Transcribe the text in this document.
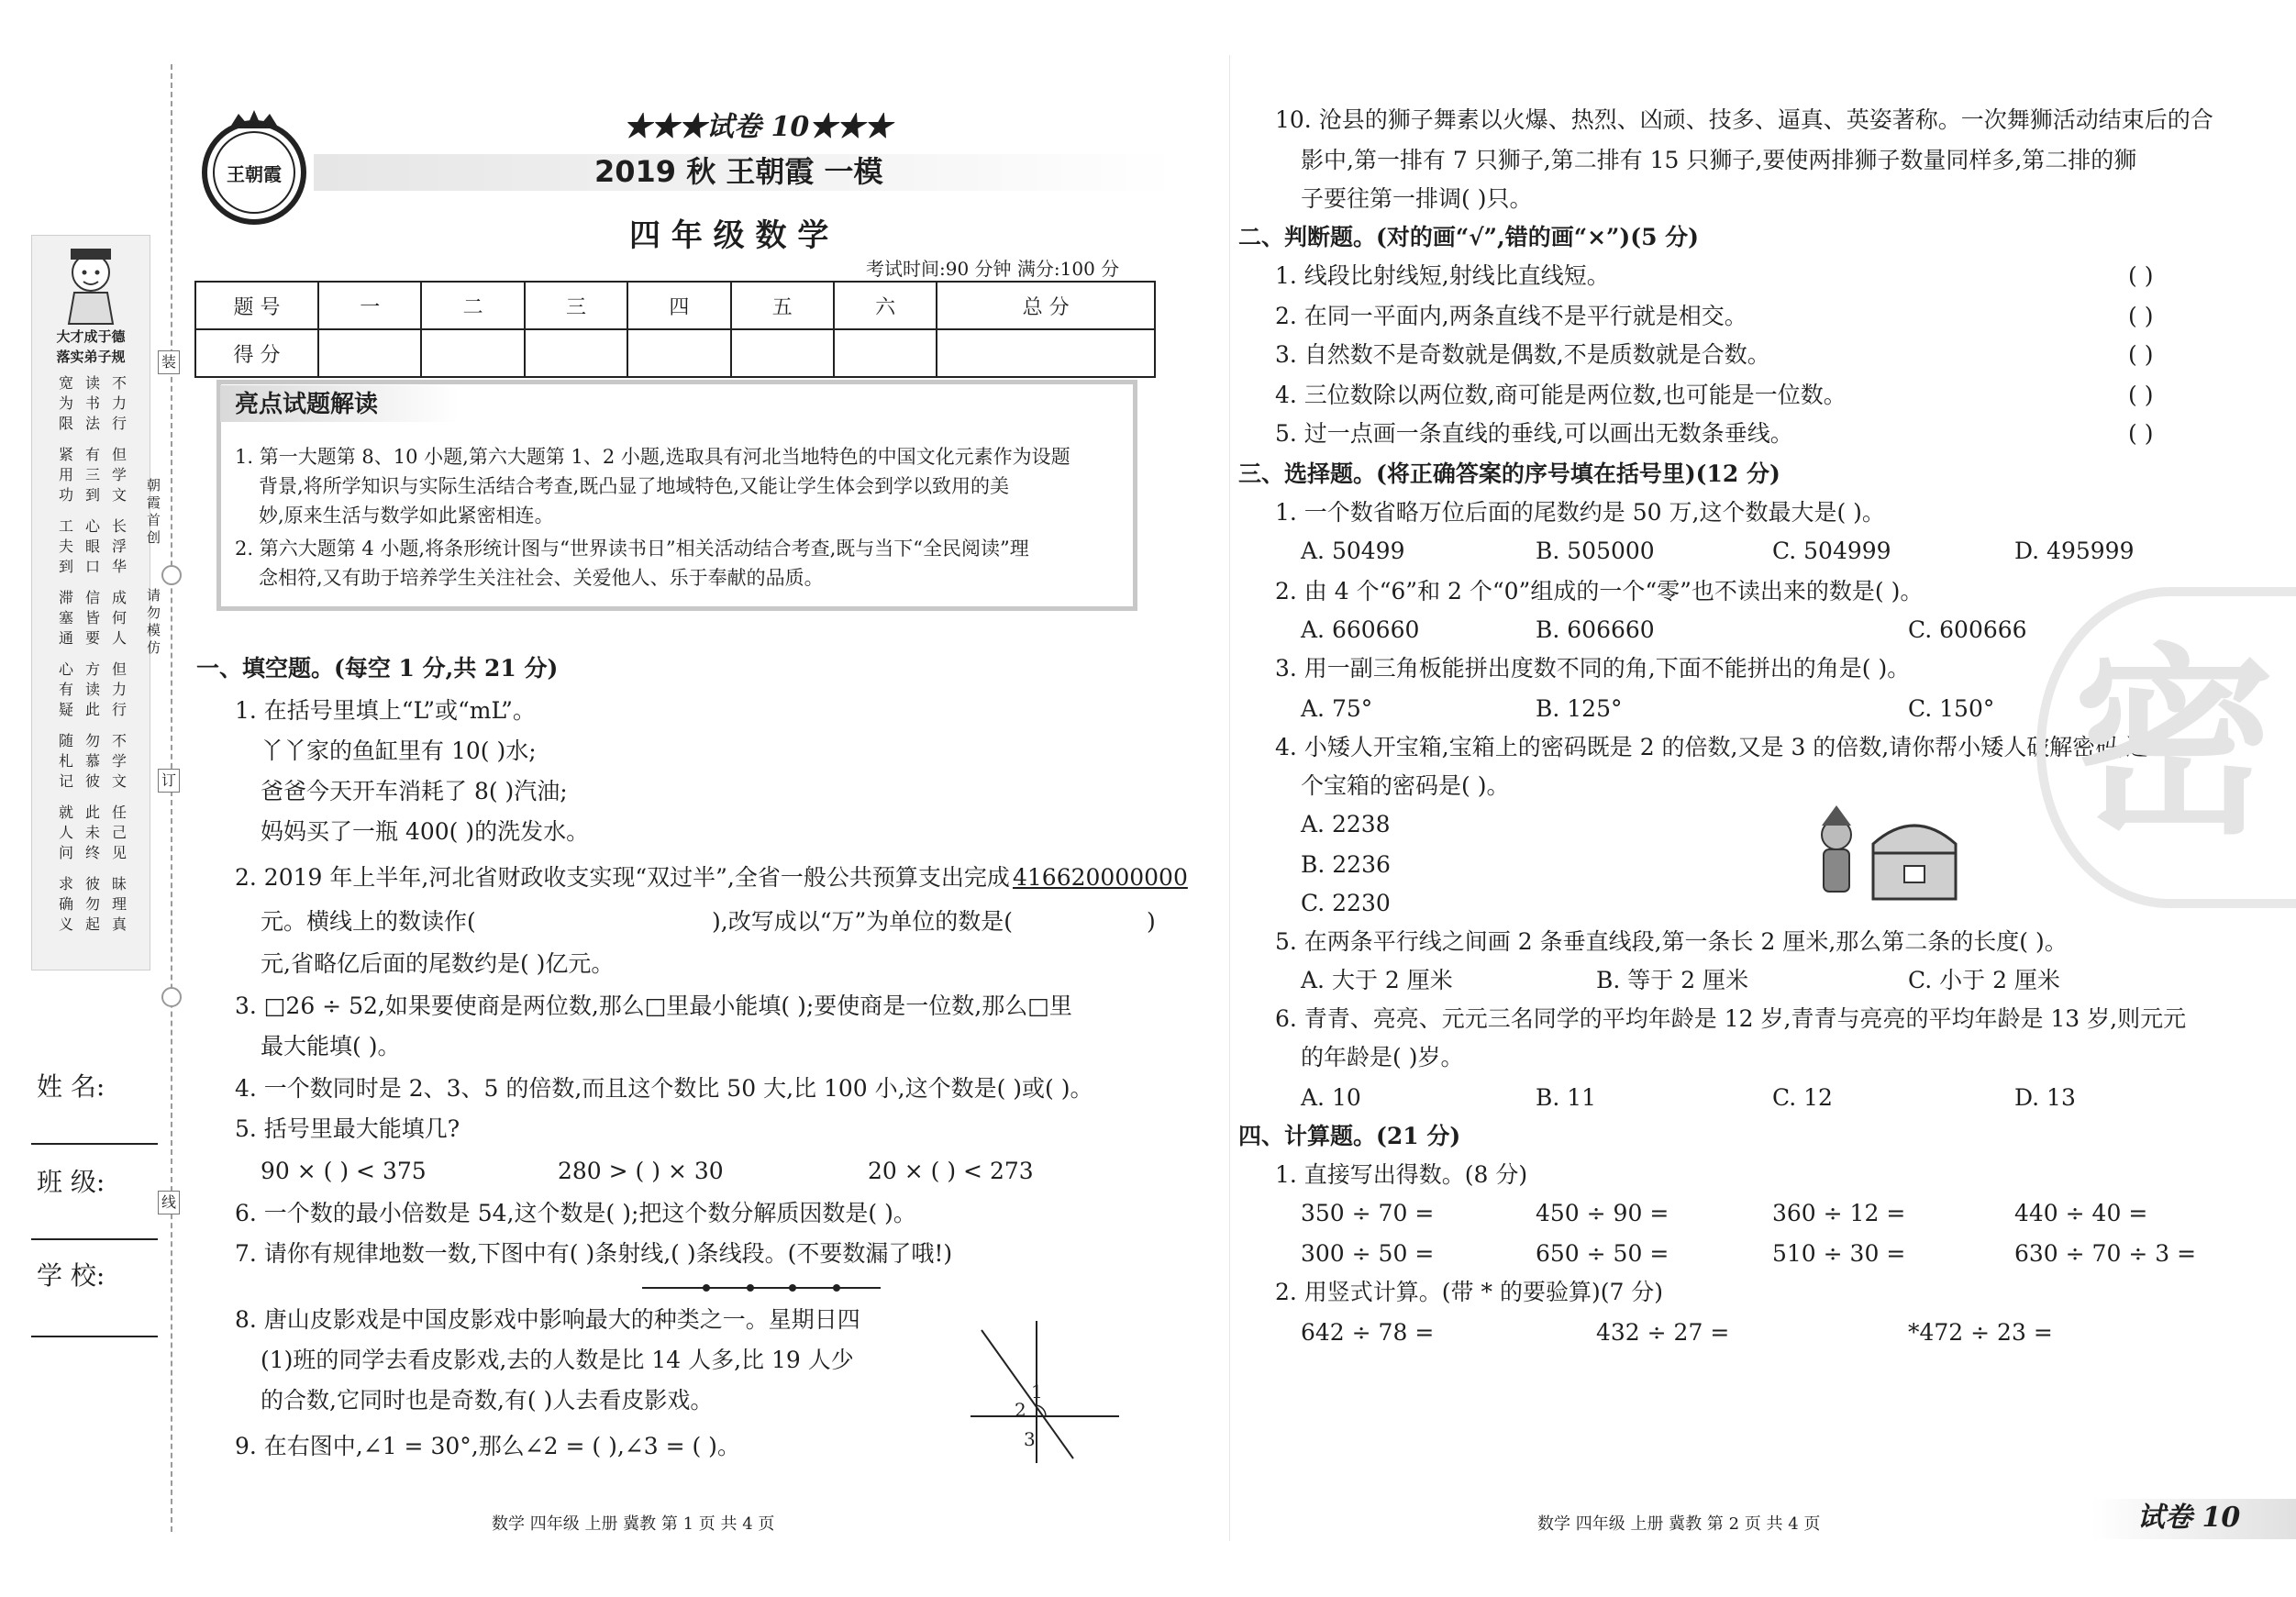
大才成于德
落实弟子规
宽为限
读书法
不力行
紧用功
有三到
但学文
工夫到
心眼口
长浮华
滞塞通
信皆要
成何人
心有疑
方读此
但力行
随札记
勿慕彼
不学文
就人问
此未终
任己见
求确义
彼勿起
昧理真
装
订
线
朝霞首创
请勿模仿
姓 名:
班 级:
学 校:
王朝霞
★★★试卷 10★★★
2019 秋 王朝霞 一模
四 年 级 数 学
考试时间:90 分钟 满分:100 分
题 号	一	二	三	四	五	六	总 分
得 分							
亮点试题解读
1. 第一大题第 8、10 小题,第六大题第 1、2 小题,选取具有河北当地特色的中国文化元素作为设题
背景,将所学知识与实际生活结合考查,既凸显了地域特色,又能让学生体会到学以致用的美
妙,原来生活与数学如此紧密相连。
2. 第六大题第 4 小题,将条形统计图与“世界读书日”相关活动结合考查,既与当下“全民阅读”理
念相符,又有助于培养学生关注社会、关爱他人、乐于奉献的品质。
一、填空题。(每空 1 分,共 21 分)
1. 在括号里填上“L”或“mL”。
丫丫家的鱼缸里有 10( )水;
爸爸今天开车消耗了 8( )汽油;
妈妈买了一瓶 400( )的洗发水。
2. 2019 年上半年,河北省财政收支实现“双过半”,全省一般公共预算支出完成 416620000000
元。横线上的数读作(	),改写成以“万”为单位的数是(	)
元,省略亿后面的尾数约是( )亿元。
3. □26 ÷ 52,如果要使商是两位数,那么□里最小能填( );要使商是一位数,那么□里
最大能填( )。
4. 一个数同时是 2、3、5 的倍数,而且这个数比 50 大,比 100 小,这个数是( )或( )。
5. 括号里最大能填几?
90 × ( ) < 375	280 > ( ) × 30	20 × ( ) < 273
6. 一个数的最小倍数是 54,这个数是( );把这个数分解质因数是( )。
7. 请你有规律地数一数,下图中有( )条射线,( )条线段。(不要数漏了哦!)
8. 唐山皮影戏是中国皮影戏中影响最大的种类之一。星期日四
(1)班的同学去看皮影戏,去的人数是比 14 人多,比 19 人少
的合数,它同时也是奇数,有( )人去看皮影戏。
9. 在右图中,∠1 = 30°,那么∠2 = ( ),∠3 = ( )。
1
2
3
数学 四年级 上册 冀教 第 1 页 共 4 页
10. 沧县的狮子舞素以火爆、热烈、凶顽、技多、逼真、英姿著称。一次舞狮活动结束后的合
影中,第一排有 7 只狮子,第二排有 15 只狮子,要使两排狮子数量同样多,第二排的狮
子要往第一排调( )只。
二、判断题。(对的画“√”,错的画“×”)(5 分)
1. 线段比射线短,射线比直线短。	( )
2. 在同一平面内,两条直线不是平行就是相交。	( )
3. 自然数不是奇数就是偶数,不是质数就是合数。	( )
4. 三位数除以两位数,商可能是两位数,也可能是一位数。	( )
5. 过一点画一条直线的垂线,可以画出无数条垂线。	( )
三、选择题。(将正确答案的序号填在括号里)(12 分)
1. 一个数省略万位后面的尾数约是 50 万,这个数最大是( )。
A. 50499	B. 505000	C. 504999	D. 495999
2. 由 4 个“6”和 2 个“0”组成的一个“零”也不读出来的数是( )。
A. 660660	B. 606660	C. 600666
3. 用一副三角板能拼出度数不同的角,下面不能拼出的角是( )。
A. 75°	B. 125°	C. 150°
4. 小矮人开宝箱,宝箱上的密码既是 2 的倍数,又是 3 的倍数,请你帮小矮人破解密码,这
个宝箱的密码是( )。
A. 2238
B. 2236
C. 2230
5. 在两条平行线之间画 2 条垂直线段,第一条长 2 厘米,那么第二条的长度( )。
A. 大于 2 厘米	B. 等于 2 厘米	C. 小于 2 厘米
6. 青青、亮亮、元元三名同学的平均年龄是 12 岁,青青与亮亮的平均年龄是 13 岁,则元元
的年龄是( )岁。
A. 10	B. 11	C. 12	D. 13
四、计算题。(21 分)
1. 直接写出得数。(8 分)
350 ÷ 70 =	450 ÷ 90 =	360 ÷ 12 =	440 ÷ 40 =
300 ÷ 50 =	650 ÷ 50 =	510 ÷ 30 =	630 ÷ 70 ÷ 3 =
2. 用竖式计算。(带 * 的要验算)(7 分)
642 ÷ 78 =	432 ÷ 27 =	*472 ÷ 23 =
密
数学 四年级 上册 冀教 第 2 页 共 4 页	试卷 10
